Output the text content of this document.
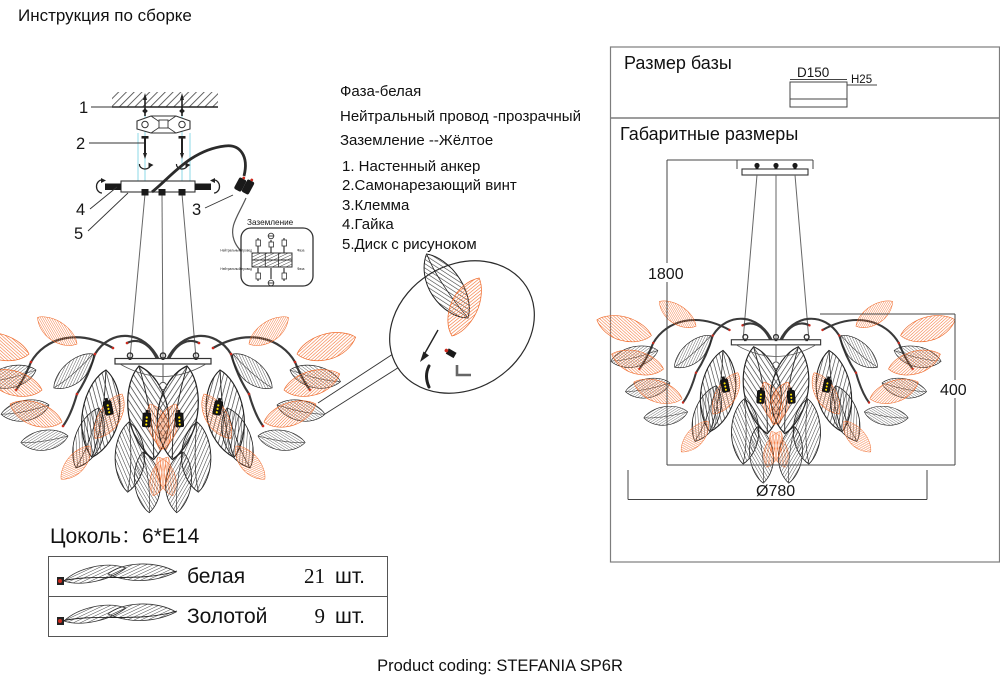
Заземление
Нейтральный провод
Нейтральный провод
Фаза
Фаза
1
2
3
4
5
D150 H25
1800
400
Ø780
Инструкция по сборке
Фаза-белая
Нейтральный провод -прозрачный
Заземление --Жёлтое
1. Настенный анкер
2.Самонарезающий винт
3.Клемма
4.Гайка
5.Диск с рисуноком
Размер базы
Габаритные размеры
Цоколь：6*E14
белая	21 шт.
Золотой	9 шт.
Product coding: STEFANIA SP6R
